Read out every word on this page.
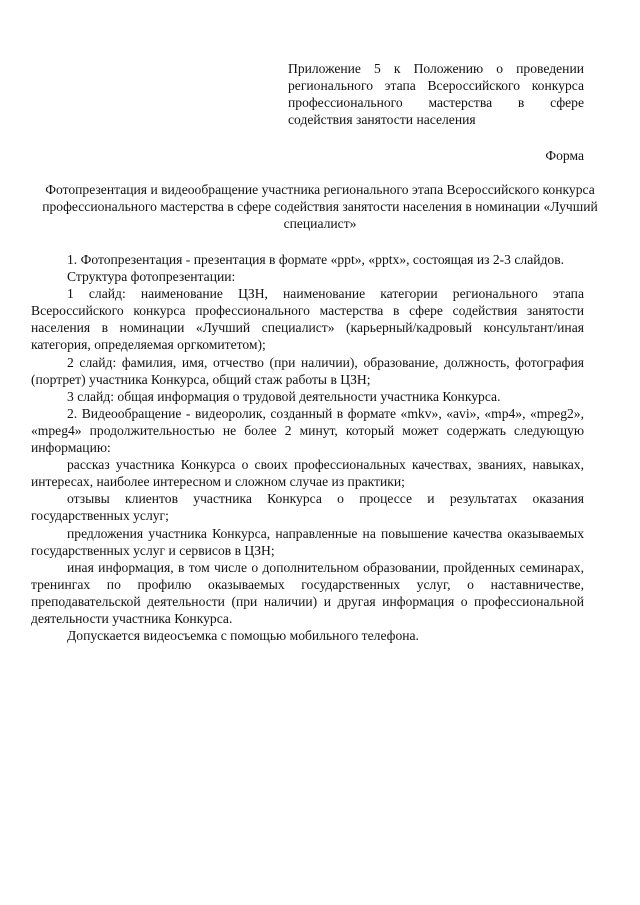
Приложение 5 к Положению о проведении регионального этапа Всероссийского конкурса профессионального мастерства в сфере содействия занятости населения
Форма
Фотопрезентация и видеообращение участника регионального этапа Всероссийского конкурса профессионального мастерства в сфере содействия занятости населения в номинации «Лучший специалист»

1. Фотопрезентация - презентация в формате «ppt», «pptx», состоящая из 2-3 слайдов.

Структура фотопрезентации:

1 слайд: наименование ЦЗН, наименование категории регионального этапа Всероссийского конкурса профессионального мастерства в сфере содействия занятости населения в номинации «Лучший специалист» (карьерный/кадровый консультант/иная категория, определяемая оргкомитетом);

2 слайд: фамилия, имя, отчество (при наличии), образование, должность, фотография (портрет) участника Конкурса, общий стаж работы в ЦЗН;

3 слайд: общая информация о трудовой деятельности участника Конкурса.

2. Видеообращение - видеоролик, созданный в формате «mkv», «avi», «mp4», «mpeg2», «mpeg4» продолжительностью не более 2 минут, который может содержать следующую информацию:

рассказ участника Конкурса о своих профессиональных качествах, званиях, навыках, интересах, наиболее интересном и сложном случае из практики;

отзывы клиентов участника Конкурса о процессе и результатах оказания государственных услуг;

предложения участника Конкурса, направленные на повышение качества оказываемых государственных услуг и сервисов в ЦЗН;

иная информация, в том числе о дополнительном образовании, пройденных семинарах, тренингах по профилю оказываемых государственных услуг, о наставничестве, преподавательской деятельности (при наличии) и другая информация о профессиональной деятельности участника Конкурса.

Допускается видеосъемка с помощью мобильного телефона.
